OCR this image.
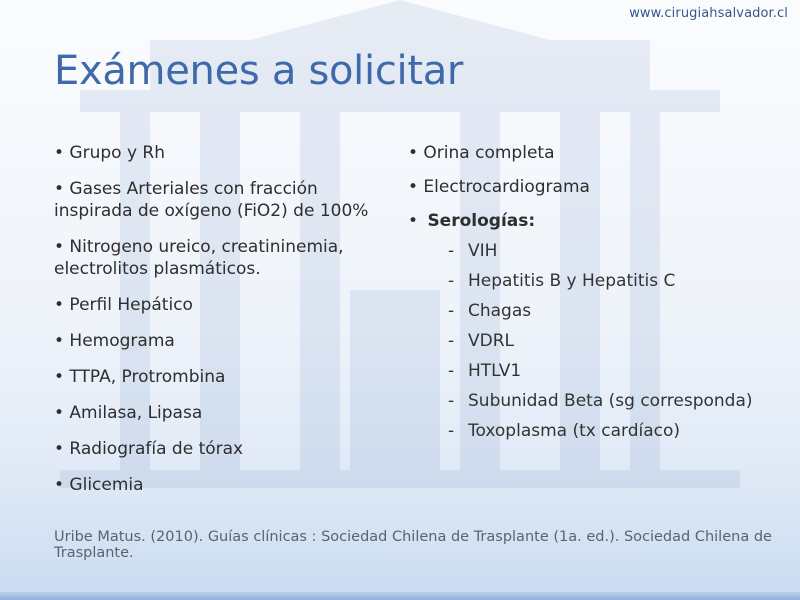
www.cirugiahsalvador.cl
Exámenes a solicitar
• Grupo y Rh
• Gases Arteriales con fracción
inspirada de oxígeno (FiO2) de 100%
• Nitrogeno ureico, creatininemia,
electrolitos plasmáticos.
• Perfil Hepático
• Hemograma
• TTPA, Protrombina
• Amilasa, Lipasa
• Radiografía de tórax
• Glicemia
• Orina completa
• Electrocardiograma
• Serologías:
- VIH
- Hepatitis B y Hepatitis C
- Chagas
- VDRL
- HTLV1
- Subunidad Beta (sg corresponda)
- Toxoplasma (tx cardíaco)
Uribe Matus. (2010). Guías clínicas : Sociedad Chilena de Trasplante (1a. ed.). Sociedad Chilena de Trasplante.
